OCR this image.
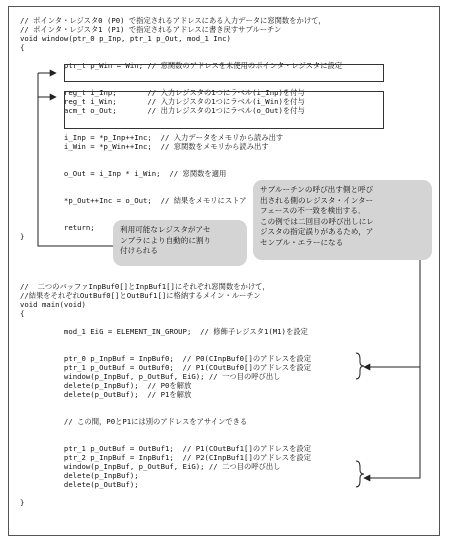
// ポインタ・レジスタ0 (P0) で指定されるアドレスにある入力データに窓関数をかけて，
// ポインタ・レジスタ1 (P1) で指定されるアドレスに書き戻すサブルーチン
void window(ptr_0 p_Inp, ptr_1 p_Out, mod_1 Inc)
{

ptr_t p_Win = Win; // 窓関数のアドレスを未使用のポインタ・レジスタに設定

reg_t i_Inp;       // 入力レジスタの1つにラベル(i_Inp)を付与
reg_t i_Win;       // 入力レジスタの1つにラベル(i_Win)を付与
acm_t o_Out;       // 出力レジスタの1つにラベル(o_Out)を付与

i_Inp = *p_Inp++Inc;  // 入力データをメモリから読み出す
i_Win = *p_Win++Inc;  // 窓関数をメモリから読み出す

o_Out = i_Inp * i_Win;  // 窓関数を適用

*p_Out++Inc = o_Out;  // 結果をメモリにストア

return;
}
//  二つのバッファInpBuf0[]とInpBuf1[]にそれぞれ窓関数をかけて，
//結果をそれぞれOutBuf0[]とOutBuf1[]に格納するメイン・ルーチン
void main(void)
{

mod_1 EiG = ELEMENT_IN_GROUP;  // 修飾子レジスタ1(M1)を設定

ptr_0 p_InpBuf = InpBuf0;  // P0(CInpBuf0[]のアドレスを設定
ptr_1 p_OutBuf = OutBuf0;  // P1(COutBuf0[]のアドレスを設定
window(p_InpBuf, p_OutBuf, EiG); // 一つ目の呼び出し
delete(p_InpBuf);  // P0を解放
delete(p_OutBuf);  // P1を解放

// この間，P0とP1には別のアドレスをアサインできる

ptr_1 p_OutBuf = OutBuf1;  // P1(COutBuf1[]のアドレスを設定
ptr_2 p_InpBuf = InpBuf1;  // P2(CInpBuf1[]のアドレスを設定
window(p_InpBuf, p_OutBuf, EiG); // 二つ目の呼び出し
delete(p_InpBuf);
delete(p_OutBuf);

}
利用可能なレジスタがアセ
ンブラにより自動的に割り
付けられる
サブルーチンの呼び出す側と呼び
出される側のレジスタ・インター
フェースの不一致を検出する．
この例では二回目の呼び出しにレ
ジスタの指定誤りがあるため，ア
センブル・エラーになる
